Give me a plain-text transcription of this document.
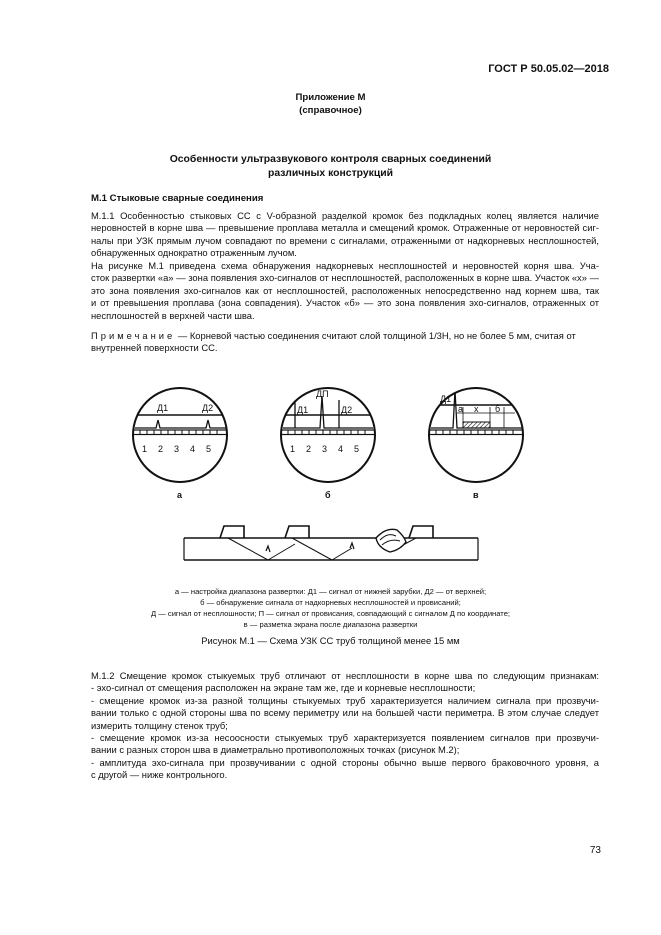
ГОСТ Р 50.05.02—2018
Приложение М
(справочное)
Особенности ультразвукового контроля сварных соединений
различных конструкций
М.1 Стыковые сварные соединения
М.1.1 Особенностью стыковых СС с V-образной разделкой кромок без подкладных колец является наличие
неровностей в корне шва — превышение проплава металла и смещений кромок. Отраженные от неровностей сиг-
налы при УЗК прямым лучом совпадают по времени с сигналами, отраженными от надкорневых несплошностей,
обнаруженных однократно отраженным лучом.
На рисунке М.1 приведена схема обнаружения надкорневых несплошностей и неровностей корня шва. Уча-
сток развертки «а» — зона появления эхо-сигналов от несплошностей, расположенных в корне шва. Участок «х» —
это зона появления эхо-сигналов как от несплошностей, расположенных непосредственно над корнем шва, так
и от превышения проплава (зона совпадения). Участок «б» — это зона появления эхо-сигналов, отраженных от
несплошностей в верхней части шва.
Примечание — Корневой частью соединения считают слой толщиной 1/3H, но не более 5 мм, считая от
внутренней поверхности СС.
Д1	Д2
1 2 3 4 5
Д1
ДП
Д2
1 2 3 4 5
Д1
а х б
а	б	в
а — настройка диапазона развертки: Д1 — сигнал от нижней зарубки, Д2 — от верхней;
б — обнаружение сигнала от надкорневых несплошностей и провисаний;
Д — сигнал от несплошности; П — сигнал от провисания, совпадающий с сигналом Д по координате;
в — разметка экрана после диапазона развертки
Рисунок М.1 — Схема УЗК СС труб толщиной менее 15 мм
М.1.2 Смещение кромок стыкуемых труб отличают от несплошности в корне шва по следующим признакам:
- эхо-сигнал от смещения расположен на экране там же, где и корневые несплошности;
- смещение кромок из-за разной толщины стыкуемых труб характеризуется наличием сигнала при прозвучи-
вании только с одной стороны шва по всему периметру или на большей части периметра. В этом случае следует
измерить толщину стенок труб;
- смещение кромок из-за несоосности стыкуемых труб характеризуется появлением сигналов при прозвучи-
вании с разных сторон шва в диаметрально противоположных точках (рисунок М.2);
- амплитуда эхо-сигнала при прозвучивании с одной стороны обычно выше первого браковочного уровня, а
с другой — ниже контрольного.
73
